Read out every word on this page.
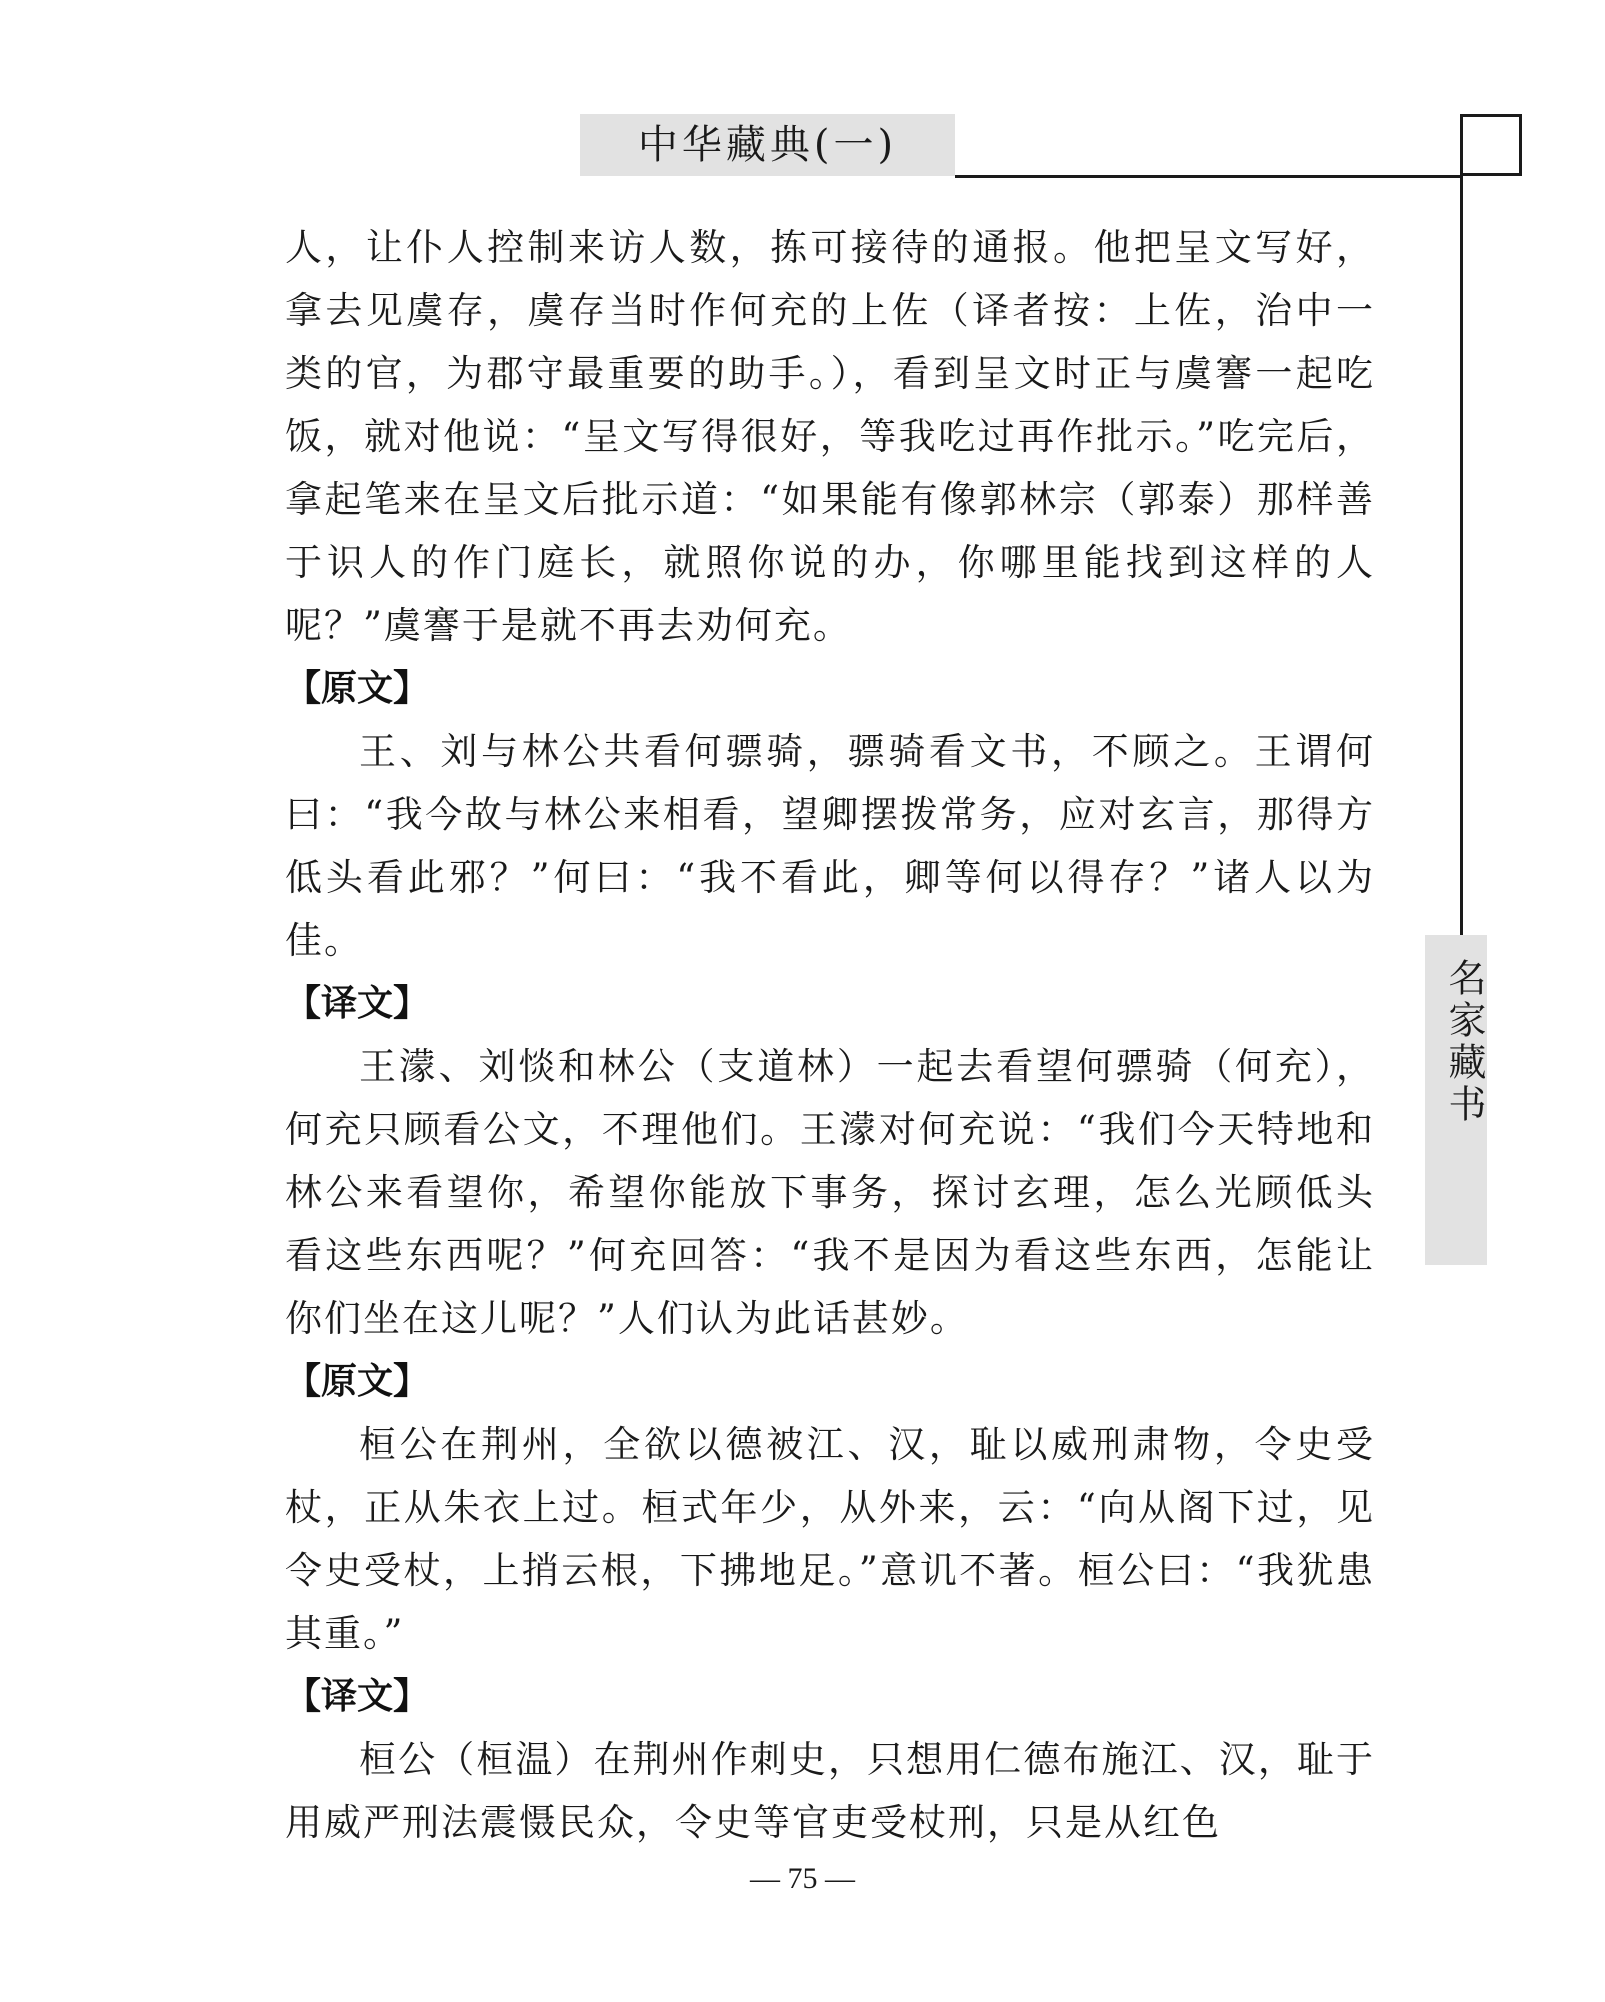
中华藏典(一)
名家藏书

人，让仆人控制来访人数，拣可接待的通报。他把呈文写好，拿去见虞存，虞存当时作何充的上佐（译者按：上佐，治中一类的官，为郡守最重要的助手。），看到呈文时正与虞謇一起吃饭，就对他说：“呈文写得很好，等我吃过再作批示。”吃完后，拿起笔来在呈文后批示道：“如果能有像郭林宗（郭泰）那样善于识人的作门庭长，就照你说的办，你哪里能找到这样的人呢？”虞謇于是就不再去劝何充。

【原文】

王、刘与林公共看何骠骑，骠骑看文书，不顾之。王谓何曰：“我今故与林公来相看，望卿摆拨常务，应对玄言，那得方低头看此邪？”何曰：“我不看此，卿等何以得存？”诸人以为佳。

【译文】

王濛、刘惔和林公（支道林）一起去看望何骠骑（何充），何充只顾看公文，不理他们。王濛对何充说：“我们今天特地和林公来看望你，希望你能放下事务，探讨玄理，怎么光顾低头看这些东西呢？”何充回答：“我不是因为看这些东西，怎能让你们坐在这儿呢？”人们认为此话甚妙。

【原文】

桓公在荆州，全欲以德被江、汉，耻以威刑肃物，令史受杖，正从朱衣上过。桓式年少，从外来，云：“向从阁下过，见令史受杖，上捎云根，下拂地足。”意讥不著。桓公曰：“我犹患其重。”

【译文】

桓公（桓温）在荆州作刺史，只想用仁德布施江、汉，耻于用威严刑法震慑民众，令史等官吏受杖刑，只是从红色

— 75 —
